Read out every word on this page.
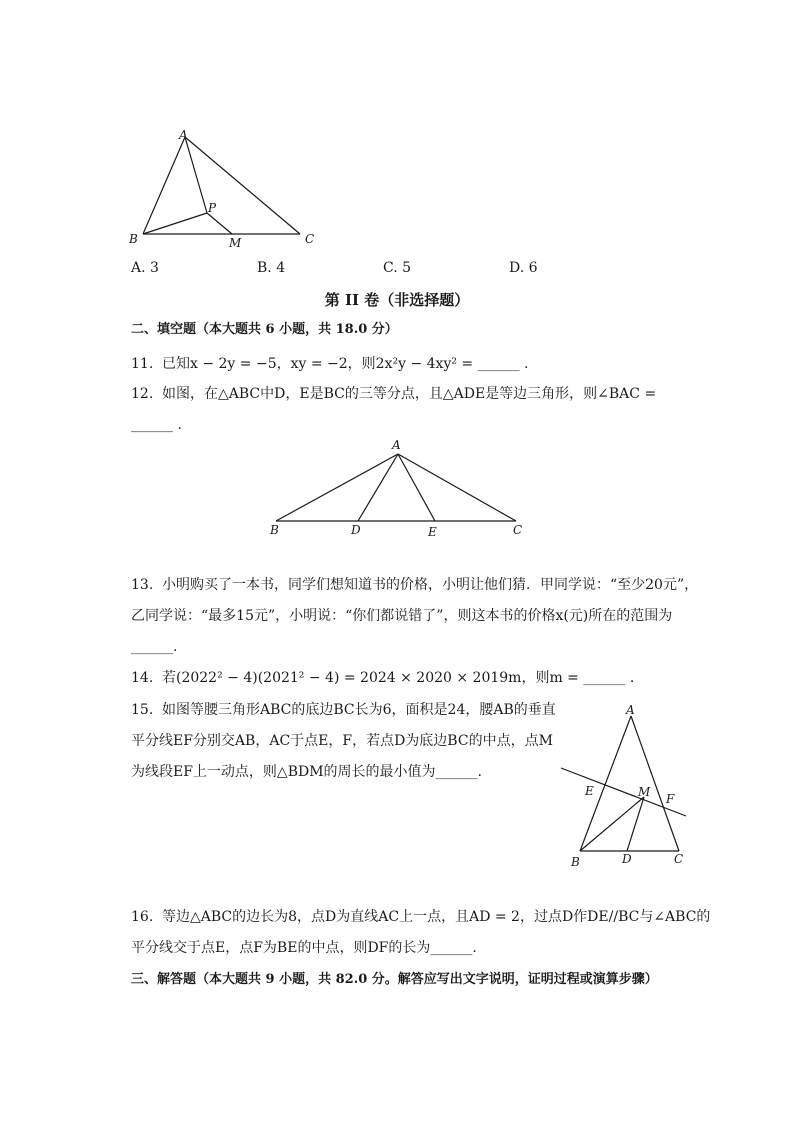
A
B	C
P
M
A. 3	B. 4	C. 5	D. 6
第 II 卷（非选择题）
二、填空题（本大题共 6 小题，共 18.0 分）
11. 已知x − 2y = −5，xy = −2，则2x²y − 4xy² = ______ .
12. 如图，在△ABC中D，E是BC的三等分点，且△ADE是等边三角形，则∠BAC =
______ .
A
B	D	E	C
13. 小明购买了一本书，同学们想知道书的价格，小明让他们猜．甲同学说：“至少20元”，
乙同学说：“最多15元”，小明说：“你们都说错了”，则这本书的价格x(元)所在的范围为
______.
14. 若(2022² − 4)(2021² − 4) = 2024 × 2020 × 2019m，则m = ______ .
15. 如图等腰三角形ABC的底边BC长为6，面积是24，腰AB的垂直
平分线EF分别交AB，AC于点E，F，若点D为底边BC的中点，点M
为线段EF上一动点，则△BDM的周长的最小值为______.
A
E	M F
B	D	C
16. 等边△ABC的边长为8，点D为直线AC上一点，且AD = 2，过点D作DE//BC与∠ABC的
平分线交于点E，点F为BE的中点，则DF的长为______.
三、解答题（本大题共 9 小题，共 82.0 分。解答应写出文字说明，证明过程或演算步骤）
